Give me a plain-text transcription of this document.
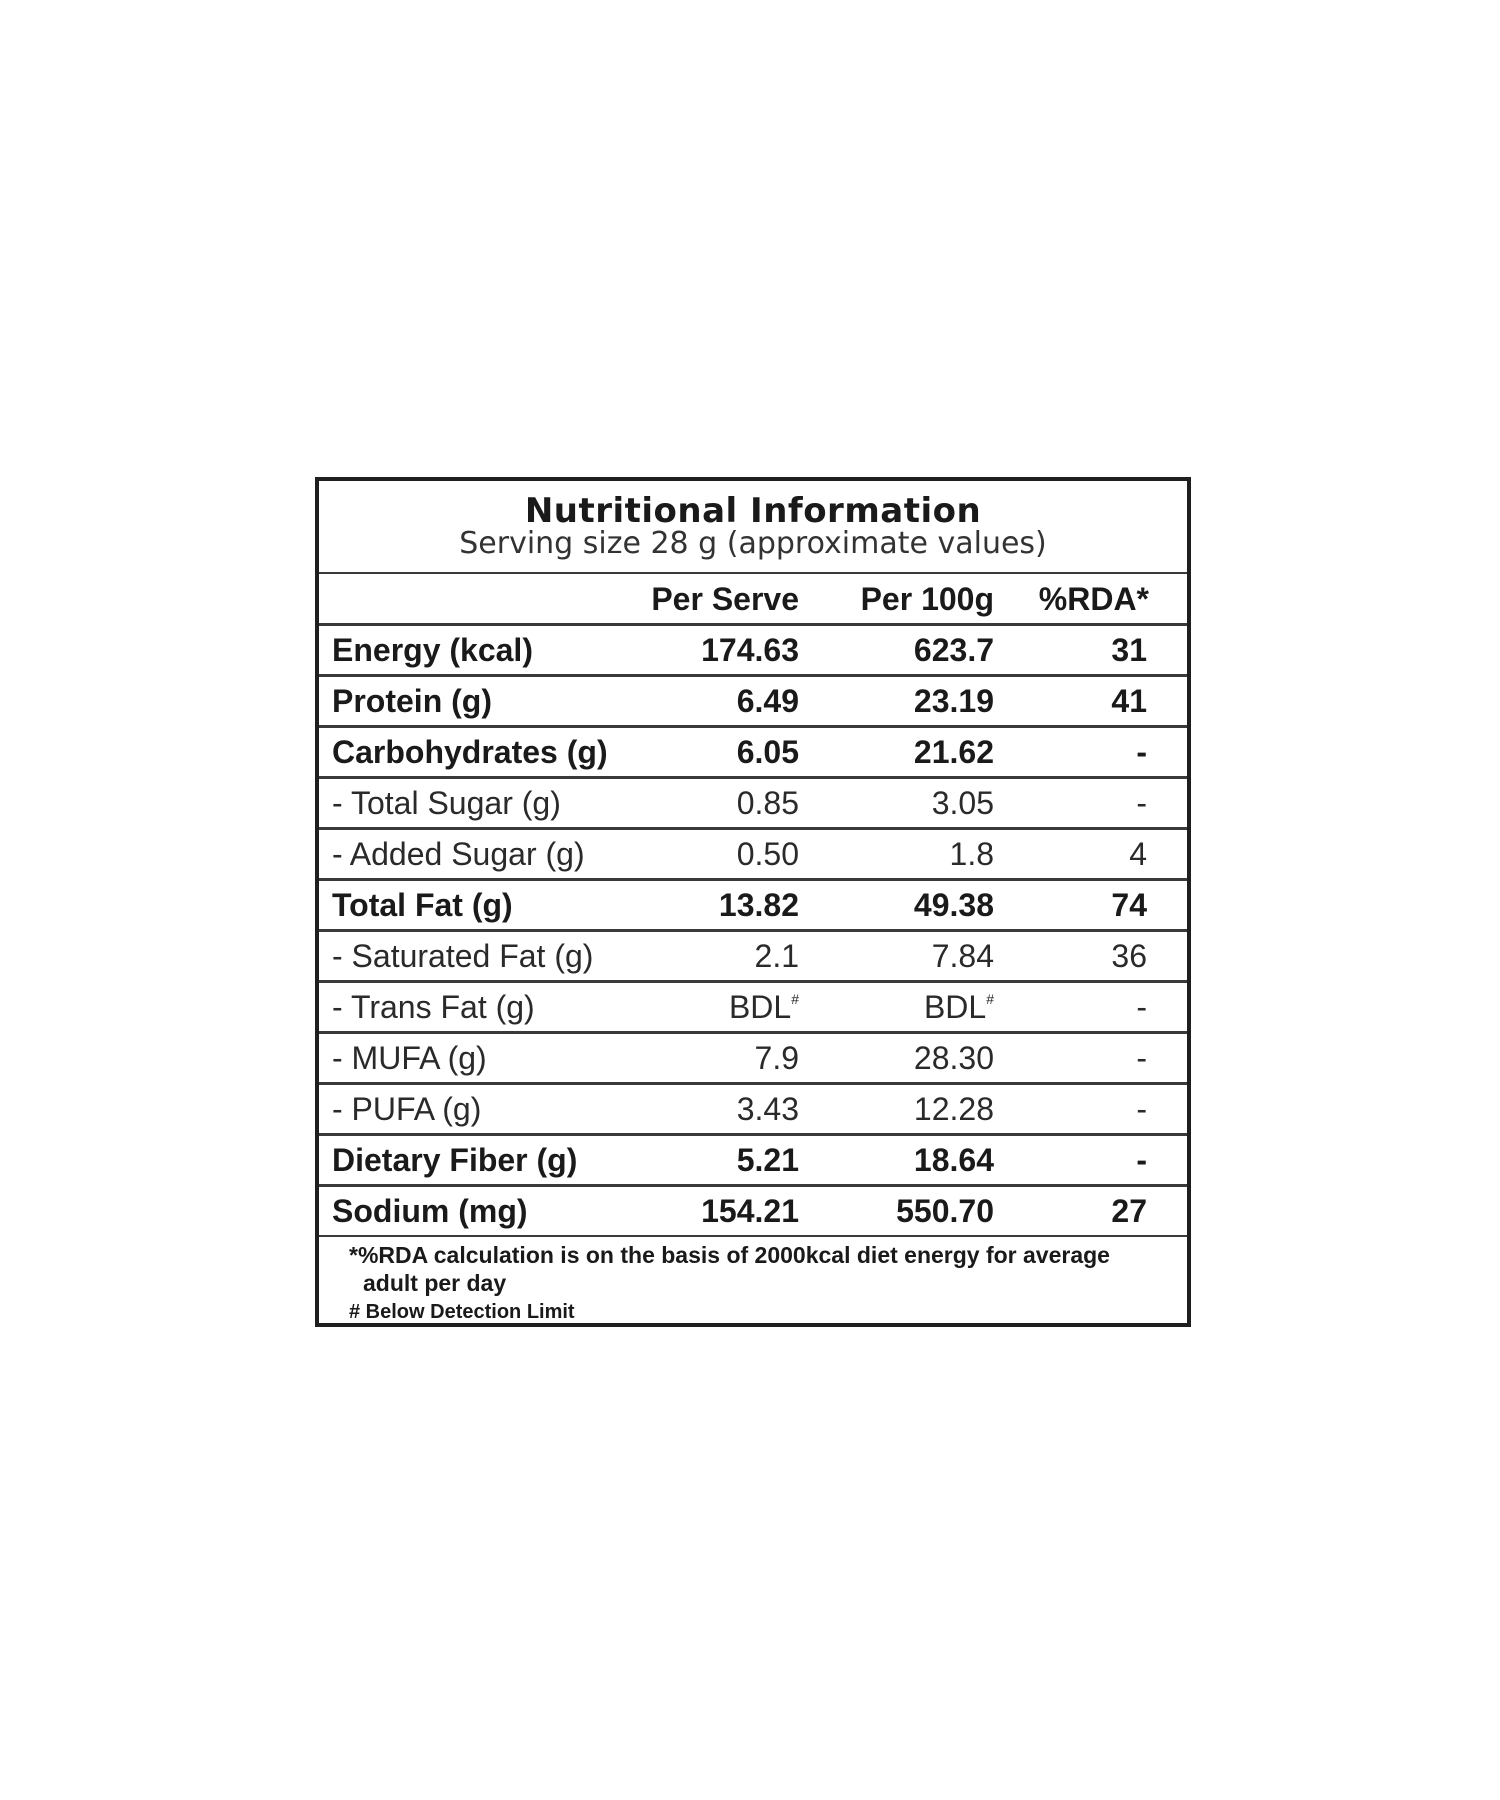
Nutritional Information
Serving size 28 g (approximate values)
	Per Serve	Per 100g	%RDA*
Energy (kcal)	174.63	623.7	31
Protein (g)	6.49	23.19	41
Carbohydrates (g)	6.05	21.62	-
- Total Sugar (g)	0.85	3.05	-
- Added Sugar (g)	0.50	1.8	4
Total Fat (g)	13.82	49.38	74
- Saturated Fat (g)	2.1	7.84	36
- Trans Fat (g)	BDL#	BDL#	-
- MUFA (g)	7.9	28.30	-
- PUFA (g)	3.43	12.28	-
Dietary Fiber (g)	5.21	18.64	-
Sodium (mg)	154.21	550.70	27
*%RDA calculation is on the basis of 2000kcal diet energy for average
adult per day
# Below Detection Limit
